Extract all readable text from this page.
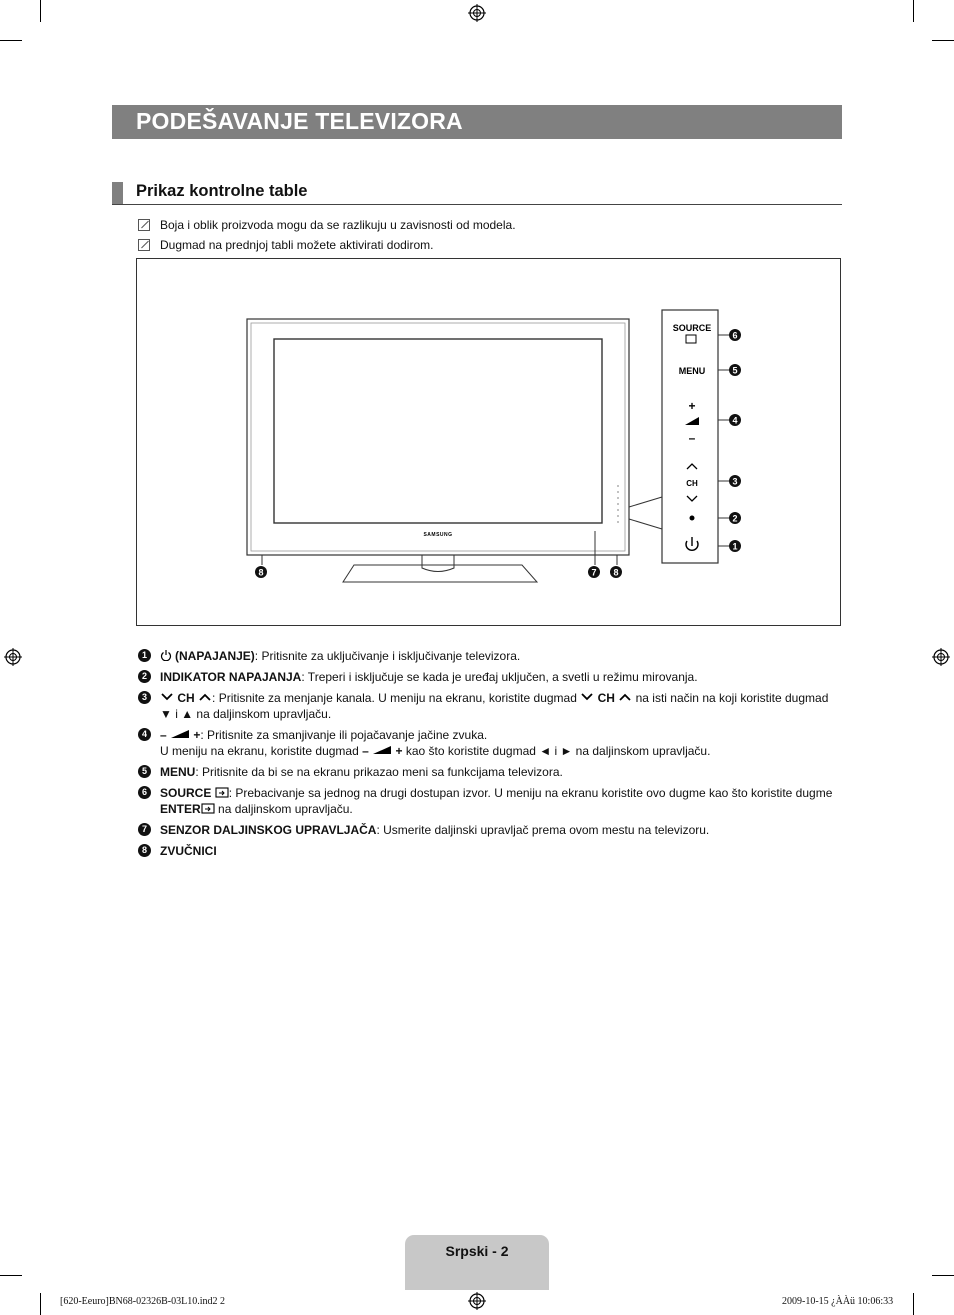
PODEŠAVANJE TELEVIZORA
Prikaz kontrolne table
Boja i oblik proizvoda mogu da se razlikuju u zavisnosti od modela.
Dugmad na prednjoj tabli možete aktivirati dodirom.
6
5
4
3
2
1
8	7 8
SOURCE
MENU
+
–
CH
SAMSUNG
1	(NAPAJANJE): Pritisnite za uključivanje i isključivanje televizora.
2	INDIKATOR NAPAJANJA: Treperi i isključuje se kada je uređaj uključen, a svetli u režimu mirovanja.
3	CH : Pritisnite za menjanje kanala. U meniju na ekranu, koristite dugmad CH na isti način na koji koristite dugmad ▼ i ▲ na daljinskom upravljaču.
4	– +: Pritisnite za smanjivanje ili pojačavanje jačine zvuka.
U meniju na ekranu, koristite dugmad – + kao što koristite dugmad ◄ i ► na daljinskom upravljaču.
5	MENU: Pritisnite da bi se na ekranu prikazao meni sa funkcijama televizora.
6	SOURCE : Prebacivanje sa jednog na drugi dostupan izvor. U meniju na ekranu koristite ovo dugme kao što koristite dugme ENTER na daljinskom upravljaču.
7	SENZOR DALJINSKOG UPRAVLJAČA: Usmerite daljinski upravljač prema ovom mestu na televizoru.
8	ZVUČNICI
Srpski - 2
[620-Eeuro]BN68-02326B-03L10.ind2 2	2009-10-15 ¿ÀÀü 10:06:33
